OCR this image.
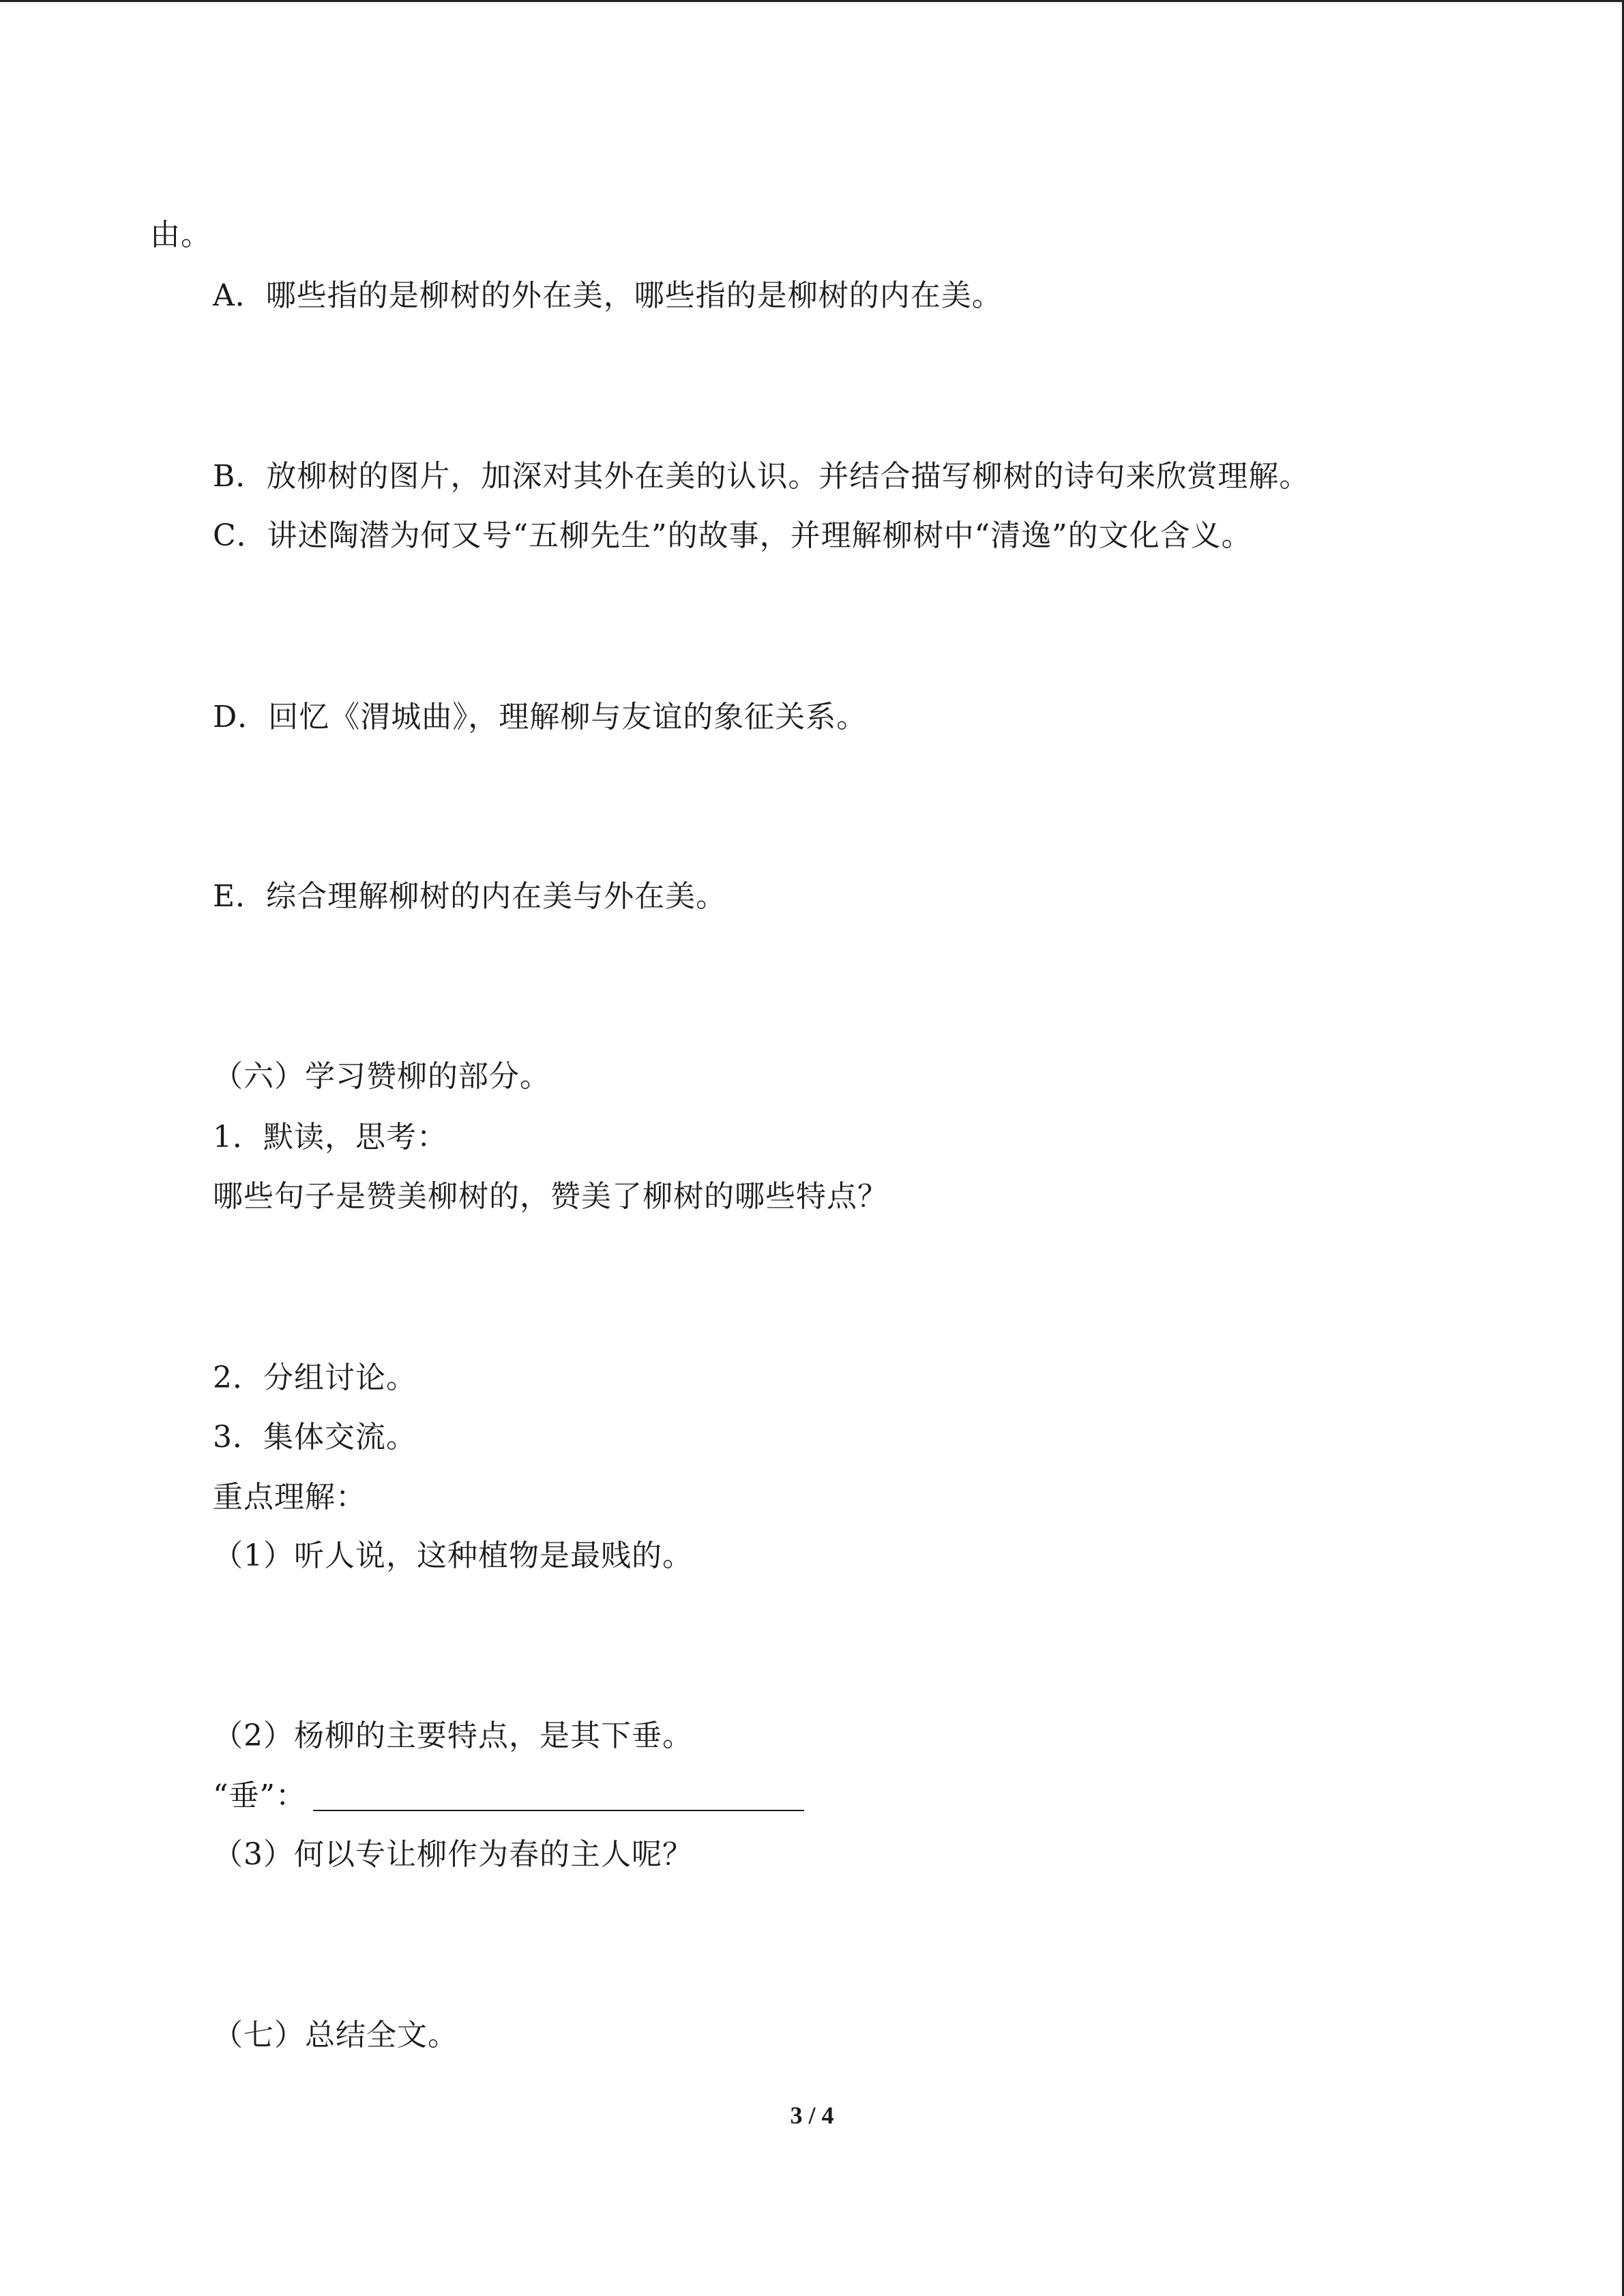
由。
A．哪些指的是柳树的外在美，哪些指的是柳树的内在美。
B．放柳树的图片，加深对其外在美的认识。并结合描写柳树的诗句来欣赏理解。
C．讲述陶潜为何又号“五柳先生”的故事，并理解柳树中“清逸”的文化含义。
D．回忆《渭城曲》，理解柳与友谊的象征关系。
E．综合理解柳树的内在美与外在美。
（六）学习赞柳的部分。
1．默读，思考：
哪些句子是赞美柳树的，赞美了柳树的哪些特点？
2．分组讨论。
3．集体交流。
重点理解：
（1）听人说，这种植物是最贱的。
（2）杨柳的主要特点，是其下垂。
“垂”：
（3）何以专让柳作为春的主人呢？
（七）总结全文。
3 / 4
